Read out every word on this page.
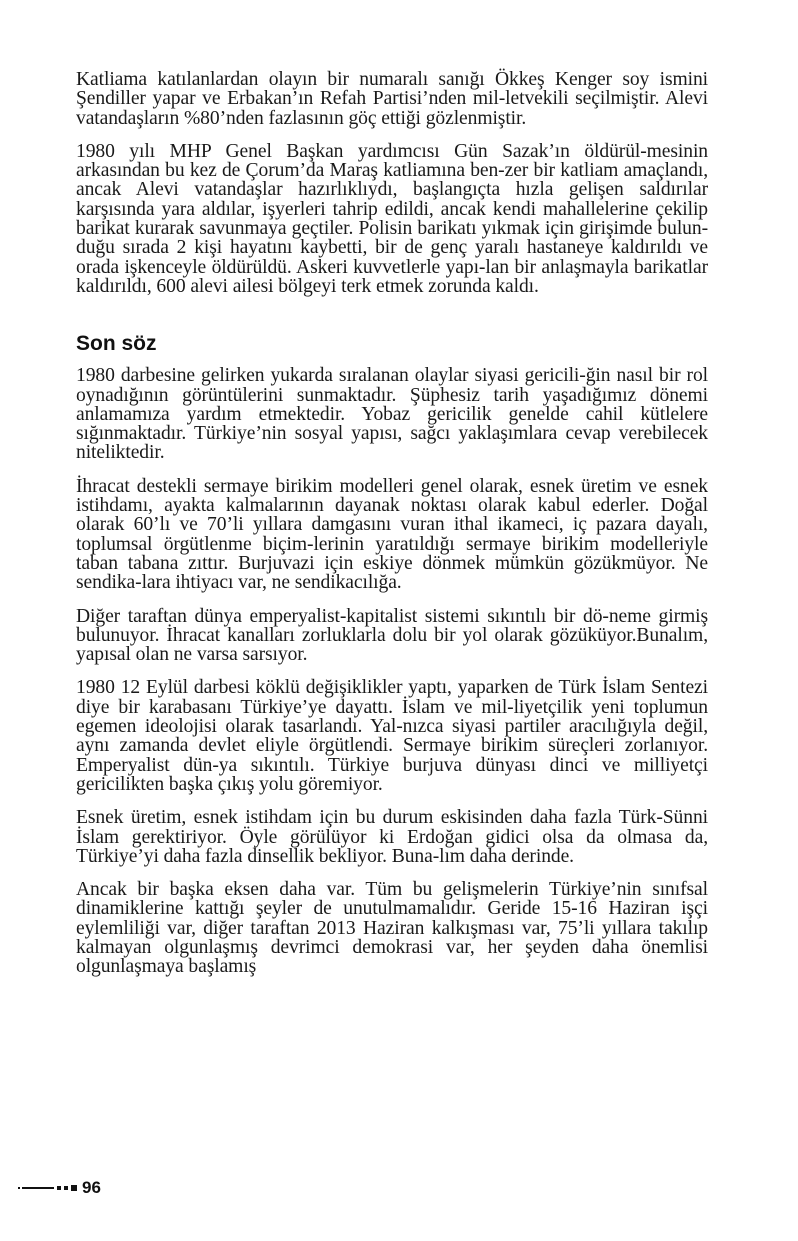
Katliama katılanlardan olayın bir numaralı sanığı Ökkeş Kenger soy ismini Şendiller yapar ve Erbakan’ın Refah Partisi’nden mil-letvekili seçilmiştir. Alevi vatandaşların %80’nden fazlasının göç ettiği gözlenmiştir.

1980 yılı MHP Genel Başkan yardımcısı Gün Sazak’ın öldürül-mesinin arkasından bu kez de Çorum’da Maraş katliamına ben-zer bir katliam amaçlandı, ancak Alevi vatandaşlar hazırlıklıydı, başlangıçta hızla gelişen saldırılar karşısında yara aldılar, işyerleri tahrip edildi, ancak kendi mahallelerine çekilip barikat kurarak savunmaya geçtiler. Polisin barikatı yıkmak için girişimde bulun-duğu sırada 2 kişi hayatını kaybetti, bir de genç yaralı hastaneye kaldırıldı ve orada işkenceyle öldürüldü. Askeri kuvvetlerle yapı-lan bir anlaşmayla barikatlar kaldırıldı, 600 alevi ailesi bölgeyi terk etmek zorunda kaldı.

Son söz

1980 darbesine gelirken yukarda sıralanan olaylar siyasi gericili-ğin nasıl bir rol oynadığının görüntülerini sunmaktadır. Şüphesiz tarih yaşadığımız dönemi anlamamıza yardım etmektedir. Yobaz gericilik genelde cahil kütlelere sığınmaktadır. Türkiye’nin sosyal yapısı, sağcı yaklaşımlara cevap verebilecek niteliktedir.

İhracat destekli sermaye birikim modelleri genel olarak, esnek üretim ve esnek istihdamı, ayakta kalmalarının dayanak noktası olarak kabul ederler. Doğal olarak 60’lı ve 70’li yıllara damgasını vuran ithal ikameci, iç pazara dayalı, toplumsal örgütlenme biçim-lerinin yaratıldığı sermaye birikim modelleriyle taban tabana zıttır. Burjuvazi için eskiye dönmek mümkün gözükmüyor. Ne sendika-lara ihtiyacı var, ne sendikacılığa.

Diğer taraftan dünya emperyalist-kapitalist sistemi sıkıntılı bir dö-neme girmiş bulunuyor. İhracat kanalları zorluklarla dolu bir yol olarak gözüküyor.Bunalım, yapısal olan ne varsa sarsıyor.

1980 12 Eylül darbesi köklü değişiklikler yaptı, yaparken de Türk İslam Sentezi diye bir karabasanı Türkiye’ye dayattı. İslam ve mil-liyetçilik yeni toplumun egemen ideolojisi olarak tasarlandı. Yal-nızca siyasi partiler aracılığıyla değil, aynı zamanda devlet eliyle örgütlendi. Sermaye birikim süreçleri zorlanıyor. Emperyalist dün-ya sıkıntılı. Türkiye burjuva dünyası dinci ve milliyetçi gericilikten başka çıkış yolu göremiyor.

Esnek üretim, esnek istihdam için bu durum eskisinden daha fazla Türk-Sünni İslam gerektiriyor. Öyle görülüyor ki Erdoğan gidici olsa da olmasa da, Türkiye’yi daha fazla dinsellik bekliyor. Buna-lım daha derinde.

Ancak bir başka eksen daha var. Tüm bu gelişmelerin Türkiye’nin sınıfsal dinamiklerine kattığı şeyler de unutulmamalıdır. Geride 15-16 Haziran işçi eylemliliği var, diğer taraftan 2013 Haziran kalkışması var, 75’li yıllara takılıp kalmayan olgunlaşmış devrimci demokrasi var, her şeyden daha önemlisi olgunlaşmaya başlamış

96
